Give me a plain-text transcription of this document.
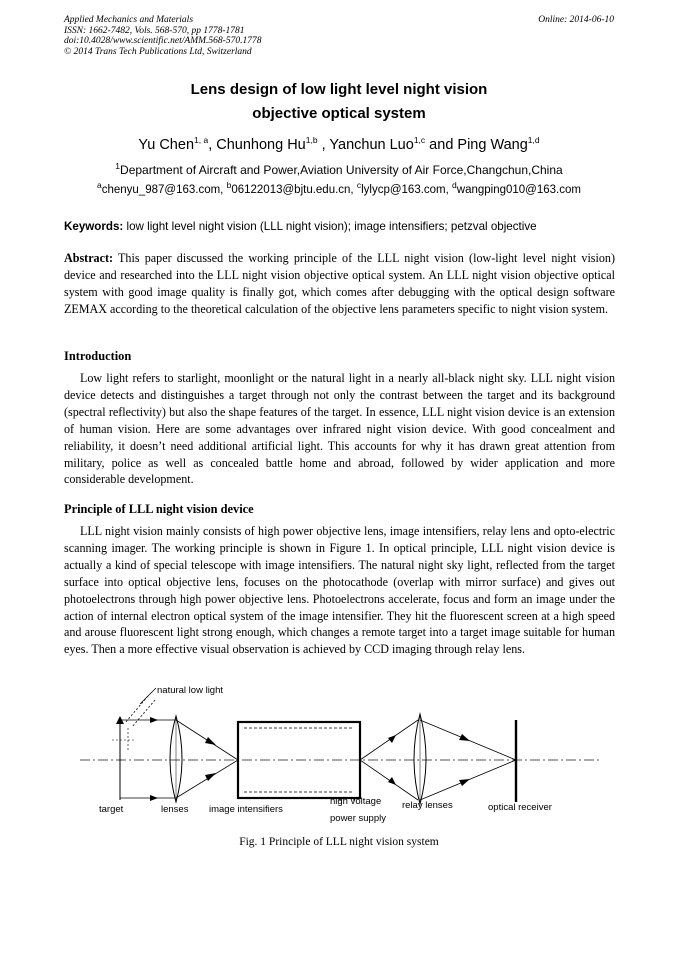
Applied Mechanics and Materials
ISSN: 1662-7482, Vols. 568-570, pp 1778-1781
doi:10.4028/www.scientific.net/AMM.568-570.1778
© 2014 Trans Tech Publications Ltd, Switzerland
Online: 2014-06-10
Lens design of low light level night vision
objective optical system
Yu Chen$^{1, a}$, Chunhong Hu$^{1,b}$ , Yanchun Luo$^{1,c}$ and Ping Wang$^{1,d}$
$^1$Department of Aircraft and Power,Aviation University of Air Force,Changchun,China
$^a$chenyu_987@163.com, $^b$06122013@bjtu.edu.cn, $^c$lylycp@163.com, $^d$wangping010@163.com
Keywords: low light level night vision (LLL night vision); image intensifiers; petzval objective
Abstract: This paper discussed the working principle of the LLL night vision (low-light level night vision) device and researched into the LLL night vision objective optical system. An LLL night vision objective optical system with good image quality is finally got, which comes after debugging with the optical design software ZEMAX according to the theoretical calculation of the objective lens parameters specific to night vision system.
Introduction
Low light refers to starlight, moonlight or the natural light in a nearly all-black night sky. LLL night vision device detects and distinguishes a target through not only the contrast between the target and its background (spectral reflectivity) but also the shape features of the target. In essence, LLL night vision device is an extension of human vision. Here are some advantages over infrared night vision device. With good concealment and reliability, it doesn’t need additional artificial light. This accounts for why it has drawn great attention from military, police as well as concealed battle home and abroad, followed by wider application and more considerable development.
Principle of LLL night vision device
LLL night vision mainly consists of high power objective lens, image intensifiers, relay lens and opto-electric scanning imager. The working principle is shown in Figure 1. In optical principle, LLL night vision device is actually a kind of special telescope with image intensifiers. The natural night sky light, reflected from the target surface into optical objective lens, focuses on the photocathode (overlap with mirror surface) and gives out photoelectrons through high power objective lens. Photoelectrons accelerate, focus and form an image under the action of internal electron optical system of the image intensifier. They hit the fluorescent screen at a high speed and arouse fluorescent light strong enough, which changes a remote target into a target image suitable for human eyes. Then a more effective visual observation is achieved by CCD imaging through relay lens.
natural low light
target	lenses image intensifiers
high voltage
power supply
relay lenses	optical receiver
Fig. 1 Principle of LLL night vision system
